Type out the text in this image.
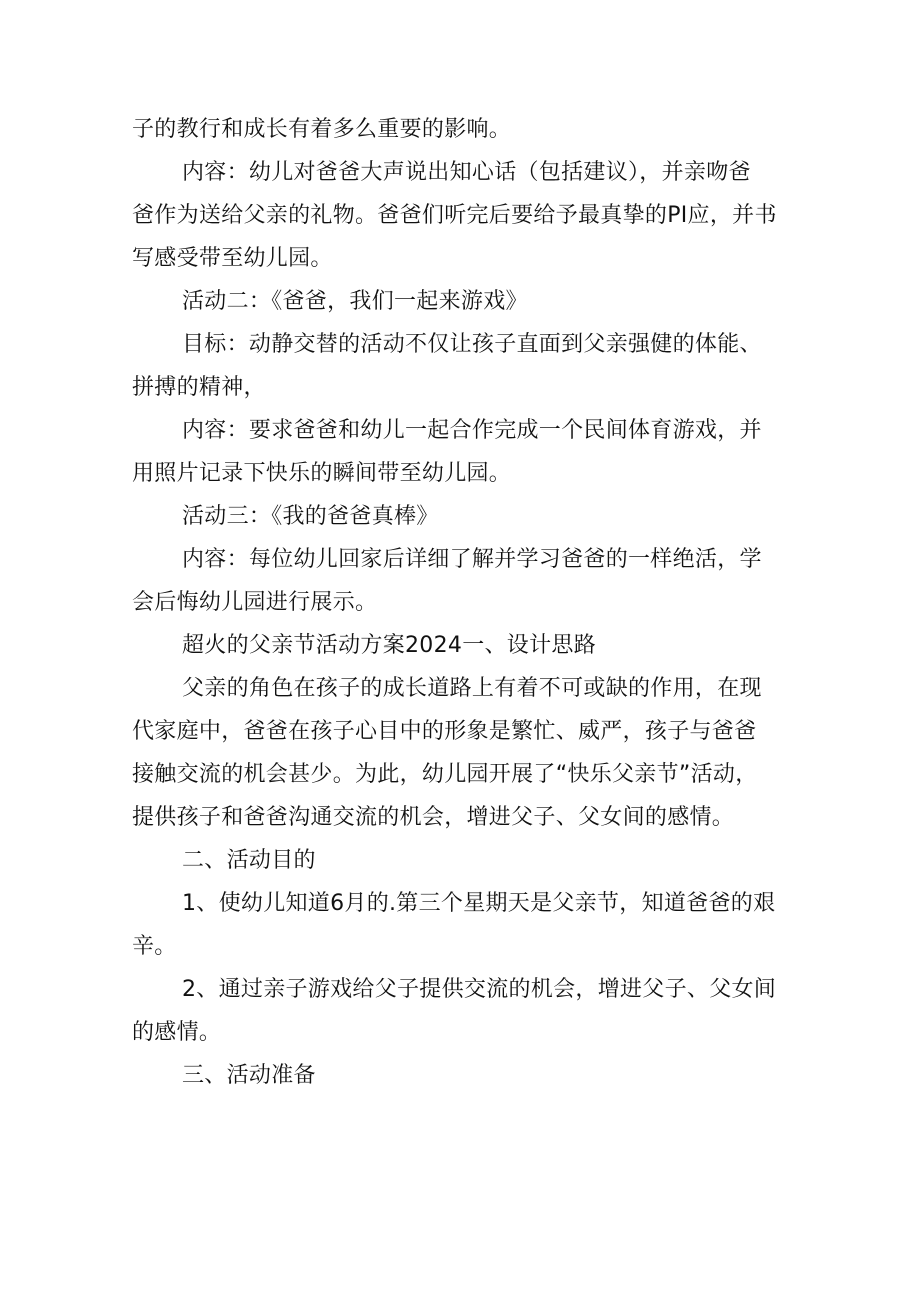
子的教行和成长有着多么重要的影响。
内容：幼儿对爸爸大声说出知心话（包括建议），并亲吻爸
爸作为送给父亲的礼物。爸爸们听完后要给予最真挚的PI应，并书
写感受带至幼儿园。
活动二：《爸爸，我们一起来游戏》
目标：动静交替的活动不仅让孩子直面到父亲强健的体能、
拼搏的精神，
内容：要求爸爸和幼儿一起合作完成一个民间体育游戏，并
用照片记录下快乐的瞬间带至幼儿园。
活动三：《我的爸爸真棒》
内容：每位幼儿回家后详细了解并学习爸爸的一样绝活，学
会后悔幼儿园进行展示。
超火的父亲节活动方案2024一、设计思路
父亲的角色在孩子的成长道路上有着不可或缺的作用，在现
代家庭中，爸爸在孩子心目中的形象是繁忙、威严，孩子与爸爸
接触交流的机会甚少。为此，幼儿园开展了“快乐父亲节”活动，
提供孩子和爸爸沟通交流的机会，增进父子、父女间的感情。
二、活动目的
1、使幼儿知道6月的.第三个星期天是父亲节，知道爸爸的艰
辛。
2、通过亲子游戏给父子提供交流的机会，增进父子、父女间
的感情。
三、活动准备
